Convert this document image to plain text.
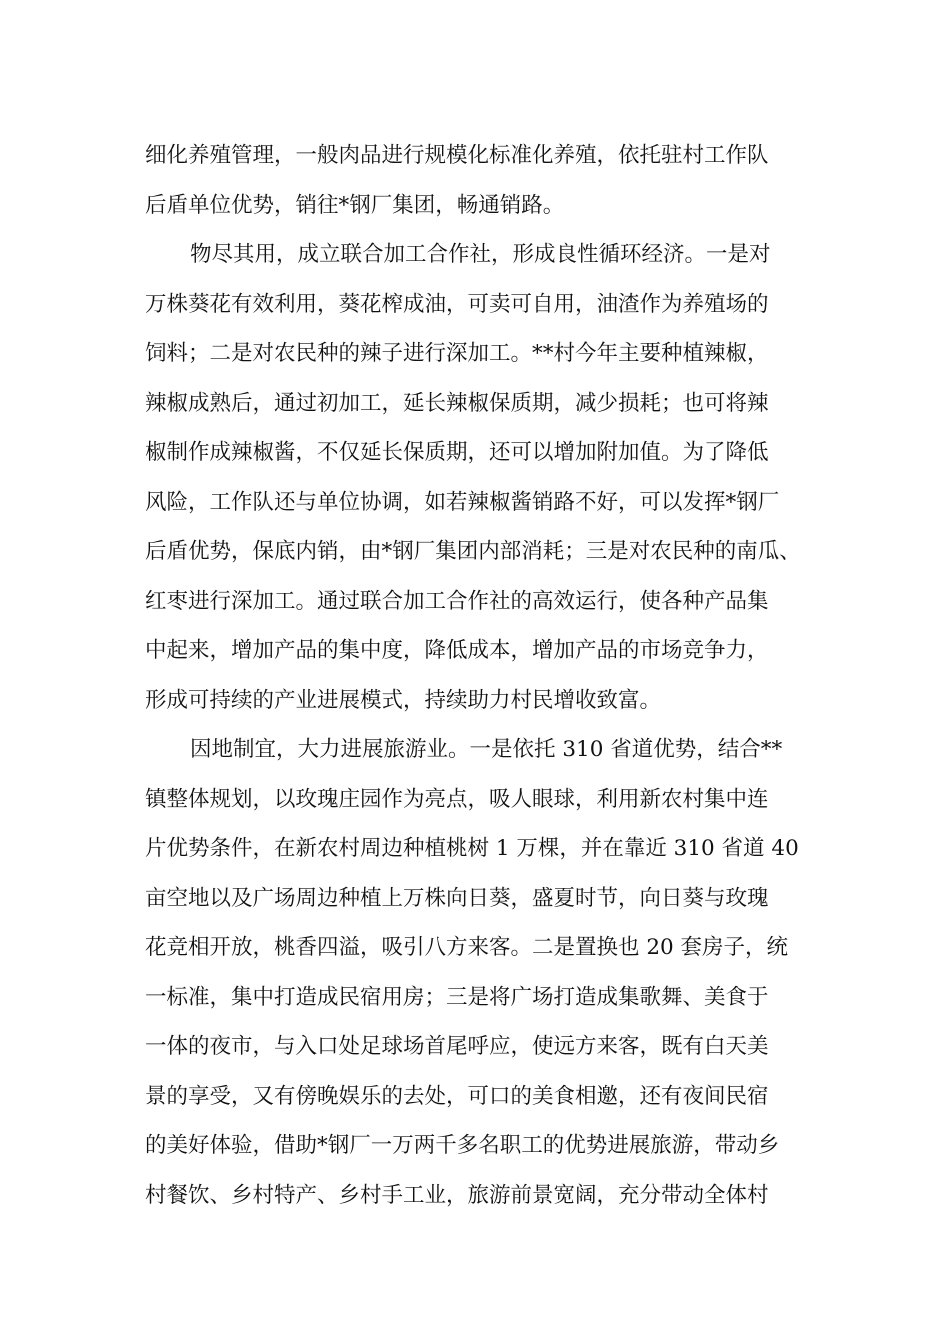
细化养殖管理，一般肉品进行规模化标准化养殖，依托驻村工作队
后盾单位优势，销往*钢厂集团，畅通销路。
物尽其用，成立联合加工合作社，形成良性循环经济。一是对
万株葵花有效利用，葵花榨成油，可卖可自用，油渣作为养殖场的
饲料；二是对农民种的辣子进行深加工。**村今年主要种植辣椒，
辣椒成熟后，通过初加工，延长辣椒保质期，减少损耗；也可将辣
椒制作成辣椒酱，不仅延长保质期，还可以增加附加值。为了降低
风险，工作队还与单位协调，如若辣椒酱销路不好，可以发挥*钢厂
后盾优势，保底内销，由*钢厂集团内部消耗；三是对农民种的南瓜、
红枣进行深加工。通过联合加工合作社的高效运行，使各种产品集
中起来，增加产品的集中度，降低成本，增加产品的市场竞争力，
形成可持续的产业进展模式，持续助力村民增收致富。
因地制宜，大力进展旅游业。一是依托 310 省道优势，结合**
镇整体规划，以玫瑰庄园作为亮点，吸人眼球，利用新农村集中连
片优势条件，在新农村周边种植桃树 1 万棵，并在靠近 310 省道 40
亩空地以及广场周边种植上万株向日葵，盛夏时节，向日葵与玫瑰
花竞相开放，桃香四溢，吸引八方来客。二是置换也 20 套房子，统
一标准，集中打造成民宿用房；三是将广场打造成集歌舞、美食于
一体的夜市，与入口处足球场首尾呼应，使远方来客，既有白天美
景的享受，又有傍晚娱乐的去处，可口的美食相邀，还有夜间民宿
的美好体验，借助*钢厂一万两千多名职工的优势进展旅游，带动乡
村餐饮、乡村特产、乡村手工业，旅游前景宽阔，充分带动全体村
